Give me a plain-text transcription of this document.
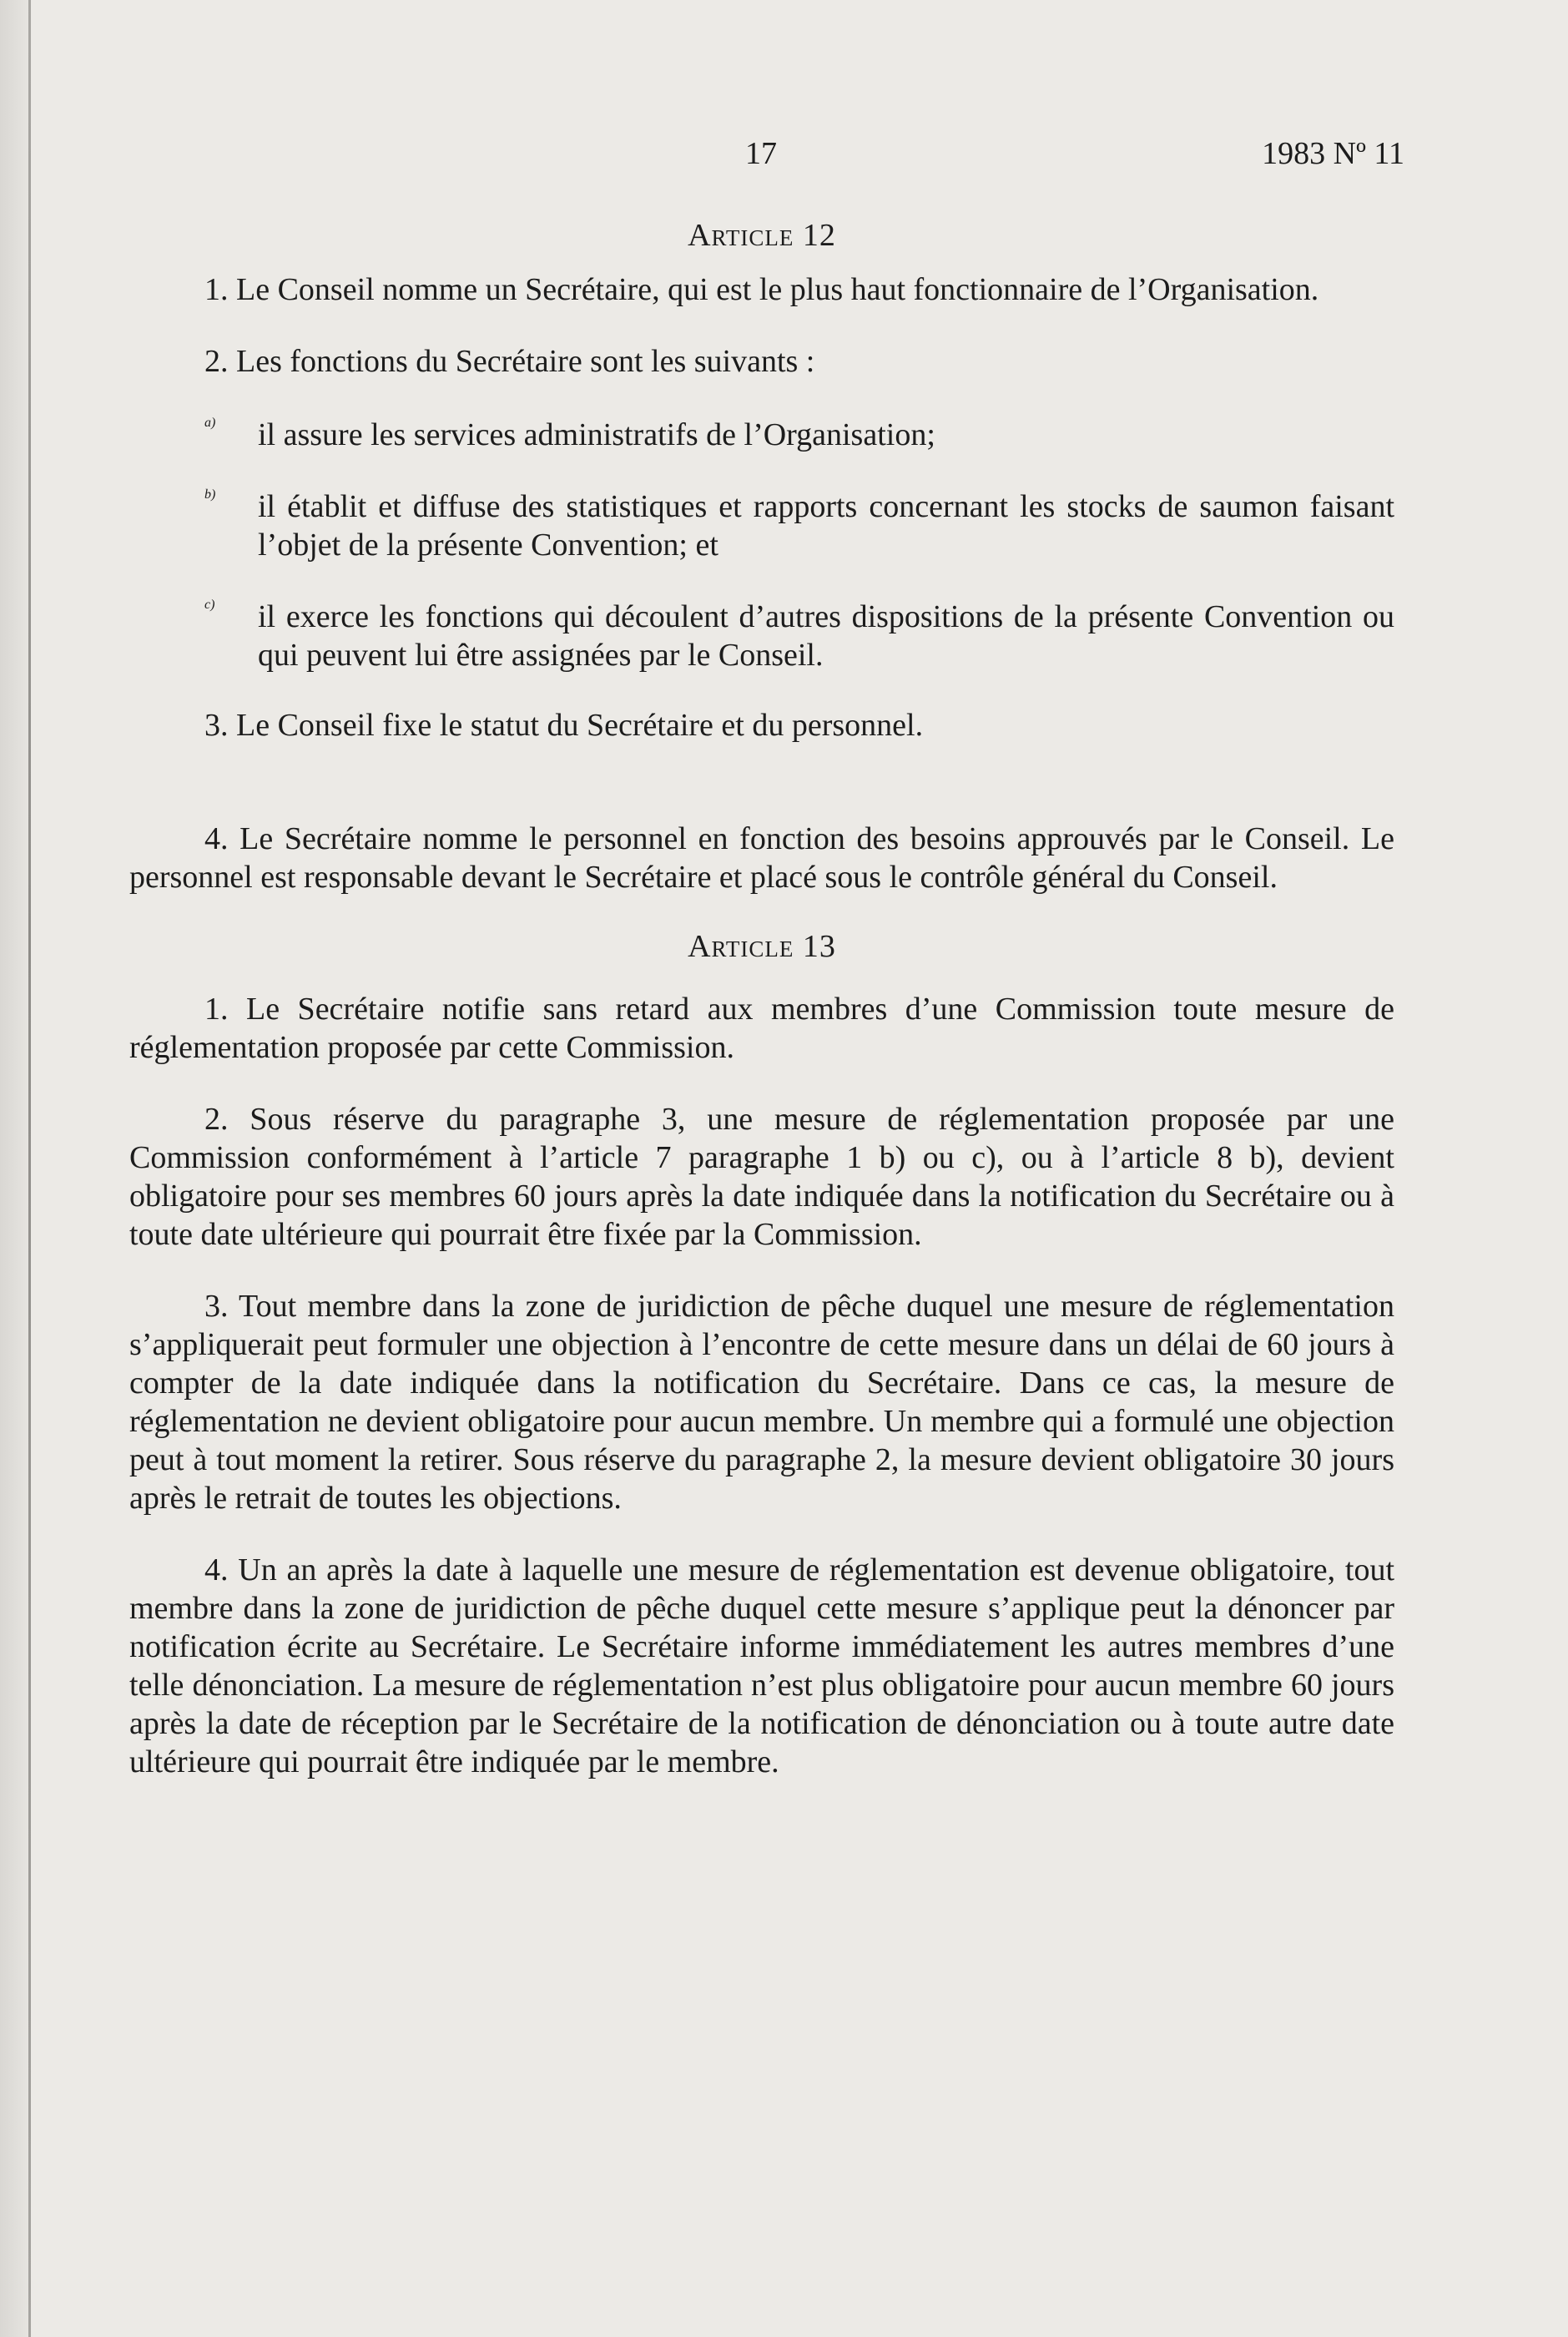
17	1983 Nº 11
Article 12

1. Le Conseil nomme un Secrétaire, qui est le plus haut fonctionnaire de l’Organisation.

2. Les fonctions du Secrétaire sont les suivants :

a)	il assure les services administratifs de l’Organisation;
b)	il établit et diffuse des statistiques et rapports concernant les stocks de saumon faisant l’objet de la présente Convention; et
c)	il exerce les fonctions qui découlent d’autres dispositions de la présente Convention ou qui peuvent lui être assignées par le Conseil.

3. Le Conseil fixe le statut du Secrétaire et du personnel.

4. Le Secrétaire nomme le personnel en fonction des besoins approuvés par le Conseil. Le personnel est responsable devant le Secrétaire et placé sous le contrôle général du Conseil.

Article 13

1. Le Secrétaire notifie sans retard aux membres d’une Commission toute mesure de réglementation proposée par cette Commission.

2. Sous réserve du paragraphe 3, une mesure de réglementation proposée par une Commission conformément à l’article 7 paragraphe 1 b) ou c), ou à l’article 8 b), devient obligatoire pour ses membres 60 jours après la date indiquée dans la notification du Secrétaire ou à toute date ultérieure qui pourrait être fixée par la Commission.

3. Tout membre dans la zone de juridiction de pêche duquel une mesure de réglementation s’appliquerait peut formuler une objection à l’encontre de cette mesure dans un délai de 60 jours à compter de la date indiquée dans la notification du Secrétaire. Dans ce cas, la mesure de réglementation ne devient obligatoire pour aucun membre. Un membre qui a formulé une objection peut à tout moment la retirer. Sous réserve du paragraphe 2, la mesure devient obligatoire 30 jours après le retrait de toutes les objections.

4. Un an après la date à laquelle une mesure de réglementation est devenue obligatoire, tout membre dans la zone de juridiction de pêche duquel cette mesure s’applique peut la dénoncer par notification écrite au Secrétaire. Le Secrétaire informe immédiatement les autres membres d’une telle dénonciation. La mesure de réglementation n’est plus obligatoire pour aucun membre 60 jours après la date de réception par le Secrétaire de la notification de dénonciation ou à toute autre date ultérieure qui pourrait être indiquée par le membre.
